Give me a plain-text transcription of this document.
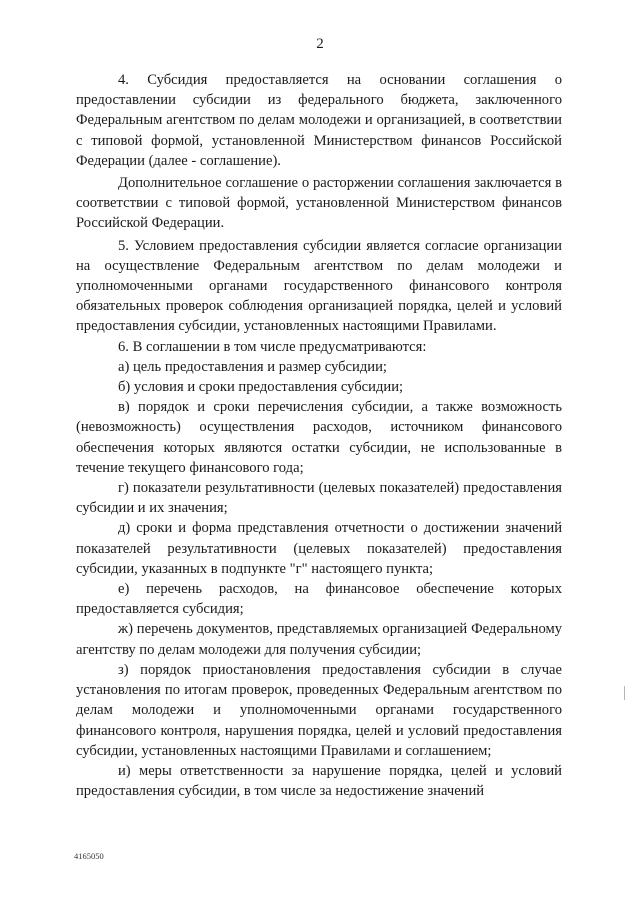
2

4. Субсидия предоставляется на основании соглашения о предоставлении субсидии из федерального бюджета, заключенного Федеральным агентством по делам молодежи и организацией, в соответствии с типовой формой, установленной Министерством финансов Российской Федерации (далее - соглашение).

Дополнительное соглашение о расторжении соглашения заключается в соответствии с типовой формой, установленной Министерством финансов Российской Федерации.

5. Условием предоставления субсидии является согласие организации на осуществление Федеральным агентством по делам молодежи и уполномоченными органами государственного финансового контроля обязательных проверок соблюдения организацией порядка, целей и условий предоставления субсидии, установленных настоящими Правилами.

6. В соглашении в том числе предусматриваются:

а) цель предоставления и размер субсидии;

б) условия и сроки предоставления субсидии;

в) порядок и сроки перечисления субсидии, а также возможность (невозможность) осуществления расходов, источником финансового обеспечения которых являются остатки субсидии, не использованные в течение текущего финансового года;

г) показатели результативности (целевых показателей) предоставления субсидии и их значения;

д) сроки и форма представления отчетности о достижении значений показателей результативности (целевых показателей) предоставления субсидии, указанных в подпункте "г" настоящего пункта;

е) перечень расходов, на финансовое обеспечение которых предоставляется субсидия;

ж) перечень документов, представляемых организацией Федеральному агентству по делам молодежи для получения субсидии;

з) порядок приостановления предоставления субсидии в случае установления по итогам проверок, проведенных Федеральным агентством по делам молодежи и уполномоченными органами государственного финансового контроля, нарушения порядка, целей и условий предоставления субсидии, установленных настоящими Правилами и соглашением;

и) меры ответственности за нарушение порядка, целей и условий предоставления субсидии, в том числе за недостижение значений

4165050
